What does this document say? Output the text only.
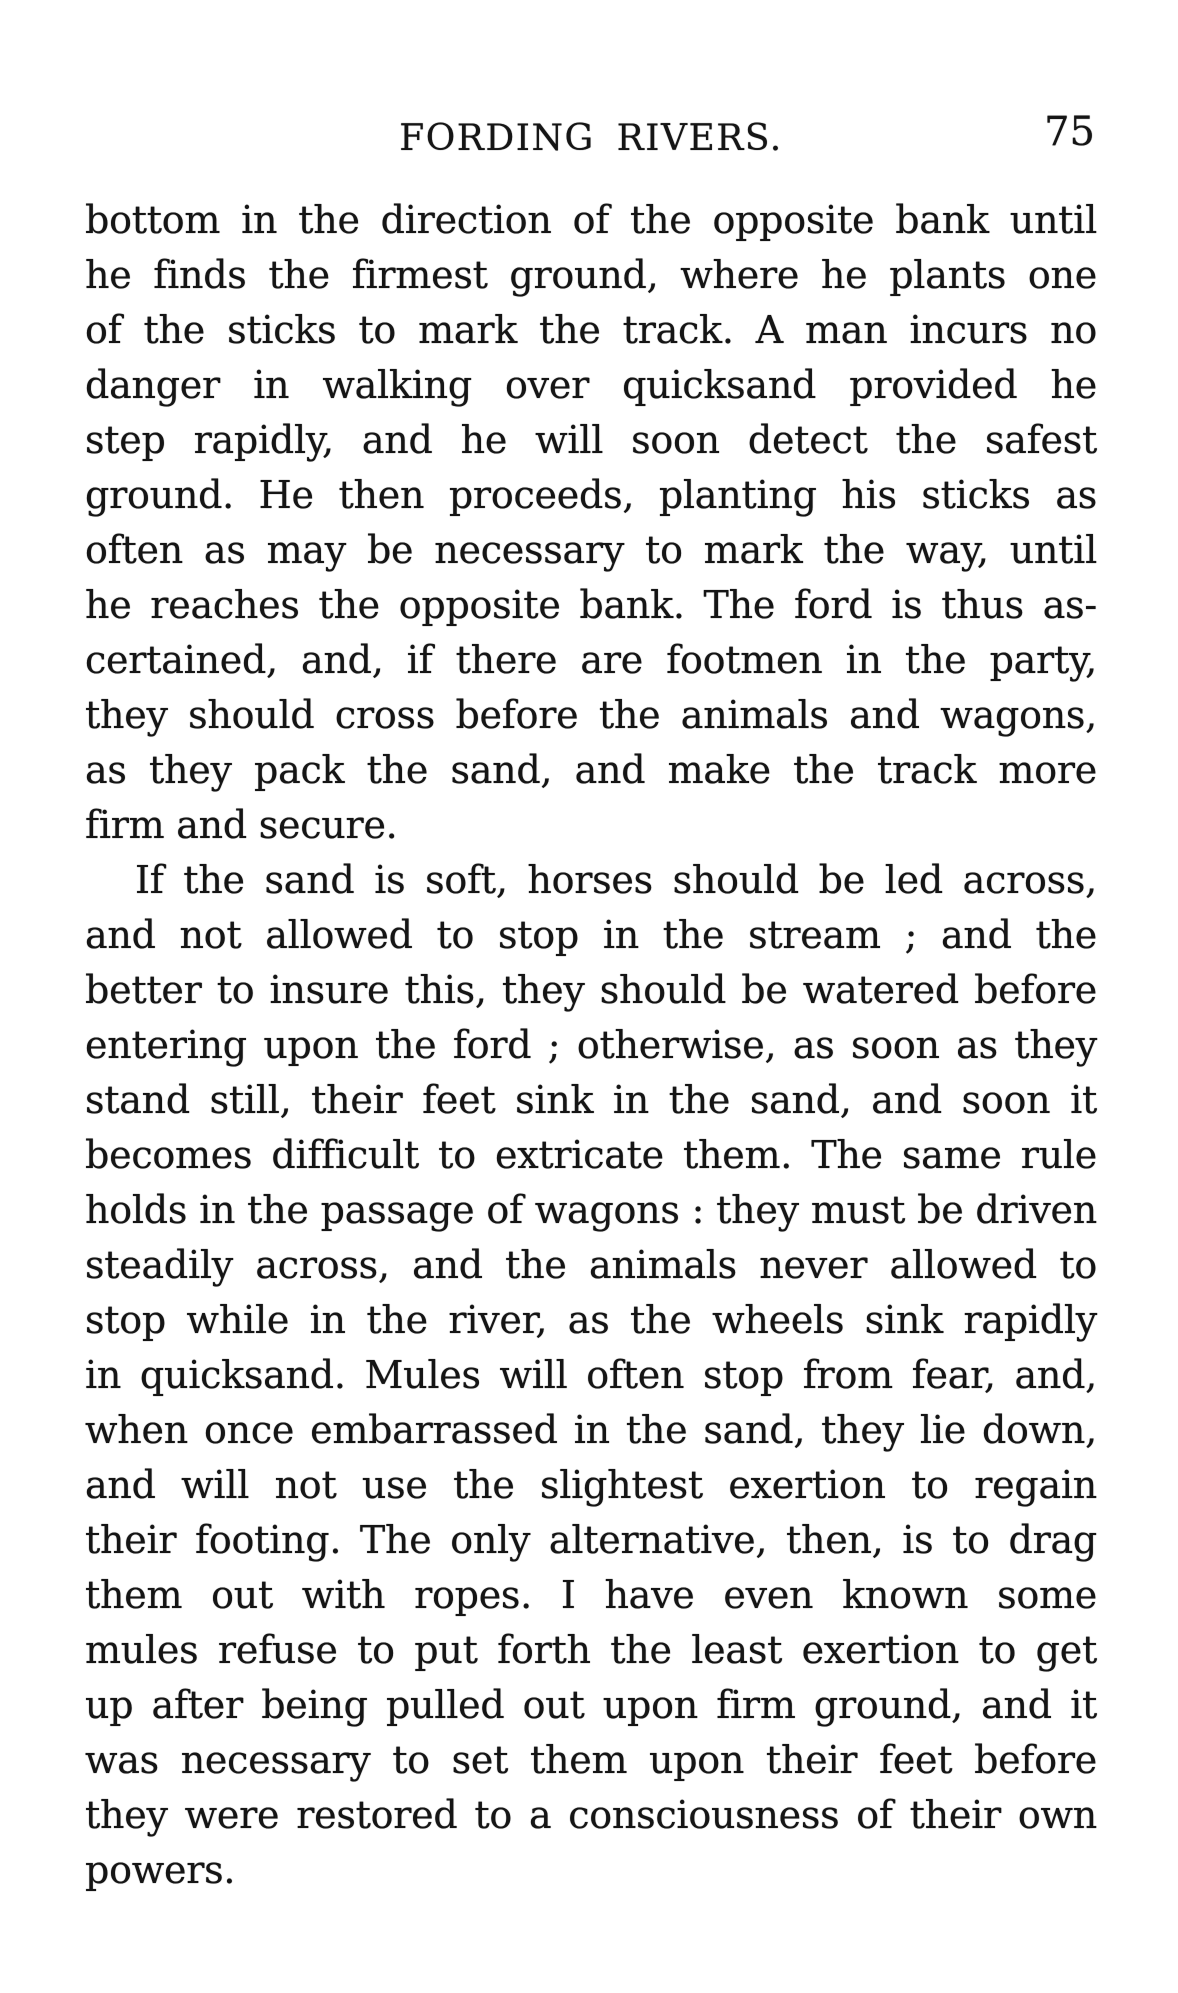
FORDING RIVERS.	75
bottom in the direction of the opposite bank until
he finds the firmest ground, where he plants one
of the sticks to mark the track. A man incurs no
danger in walking over quicksand provided he
step rapidly, and he will soon detect the safest
ground. He then proceeds, planting his sticks as
often as may be necessary to mark the way, until
he reaches the opposite bank. The ford is thus as-
certained, and, if there are footmen in the party,
they should cross before the animals and wagons,
as they pack the sand, and make the track more
firm and secure.
If the sand is soft, horses should be led across,
and not allowed to stop in the stream ; and the
better to insure this, they should be watered before
entering upon the ford ; otherwise, as soon as they
stand still, their feet sink in the sand, and soon it
becomes difficult to extricate them. The same rule
holds in the passage of wagons : they must be driven
steadily across, and the animals never allowed to
stop while in the river, as the wheels sink rapidly
in quicksand. Mules will often stop from fear, and,
when once embarrassed in the sand, they lie down,
and will not use the slightest exertion to regain
their footing. The only alternative, then, is to drag
them out with ropes. I have even known some
mules refuse to put forth the least exertion to get
up after being pulled out upon firm ground, and it
was necessary to set them upon their feet before
they were restored to a consciousness of their own
powers.
